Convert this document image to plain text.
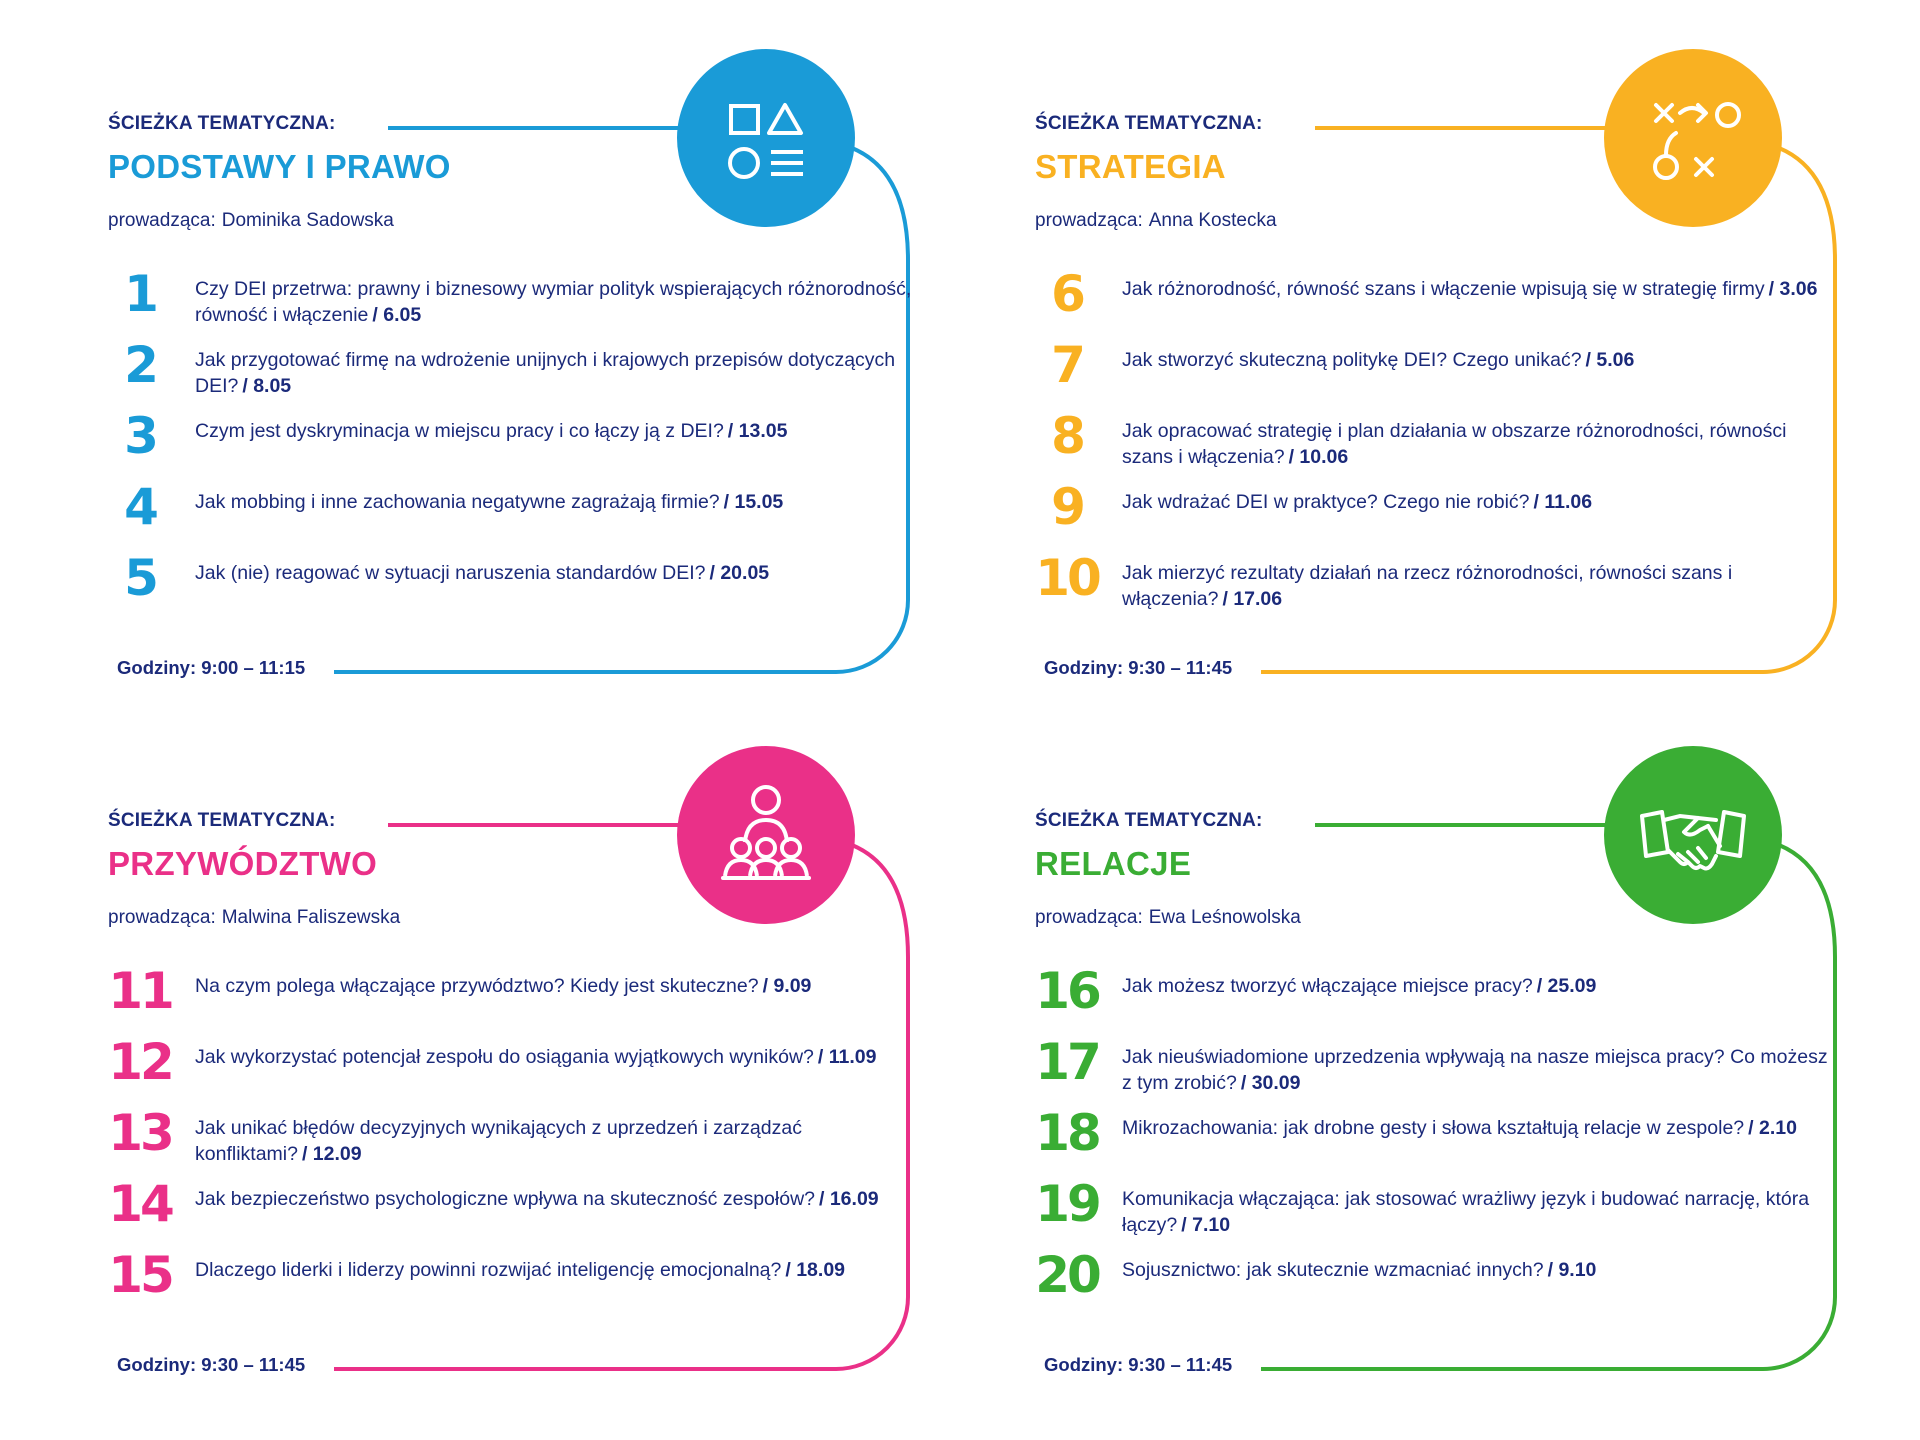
ŚCIEŻKA TEMATYCZNA:
PODSTAWY I PRAWO
prowadząca: Dominika Sadowska
1	Czy DEI przetrwa: prawny i biznesowy wymiar polityk wspierających różnorodność, równość i włączenie / 6.05
2	Jak przygotować firmę na wdrożenie unijnych i krajowych przepisów dotyczących DEI? / 8.05
3	Czym jest dyskryminacja w miejscu pracy i co łączy ją z DEI? / 13.05
4	Jak mobbing i inne zachowania negatywne zagrażają firmie? / 15.05
5	Jak (nie) reagować w sytuacji naruszenia standardów DEI? / 20.05
Godziny: 9:00 – 11:15
ŚCIEŻKA TEMATYCZNA:
STRATEGIA
prowadząca: Anna Kostecka
6	Jak różnorodność, równość szans i włączenie wpisują się w strategię firmy / 3.06
7	Jak stworzyć skuteczną politykę DEI? Czego unikać? / 5.06
8	Jak opracować strategię i plan działania w obszarze różnorodności, równości szans i włączenia? / 10.06
9	Jak wdrażać DEI w praktyce? Czego nie robić? / 11.06
10	Jak mierzyć rezultaty działań na rzecz różnorodności, równości szans i włączenia? / 17.06
Godziny: 9:30 – 11:45
ŚCIEŻKA TEMATYCZNA:
PRZYWÓDZTWO
prowadząca: Malwina Faliszewska
11	Na czym polega włączające przywództwo? Kiedy jest skuteczne? / 9.09
12	Jak wykorzystać potencjał zespołu do osiągania wyjątkowych wyników? / 11.09
13	Jak unikać błędów decyzyjnych wynikających z uprzedzeń i zarządzać konfliktami? / 12.09
14	Jak bezpieczeństwo psychologiczne wpływa na skuteczność zespołów? / 16.09
15	Dlaczego liderki i liderzy powinni rozwijać inteligencję emocjonalną? / 18.09
Godziny: 9:30 – 11:45
ŚCIEŻKA TEMATYCZNA:
RELACJE
prowadząca: Ewa Leśnowolska
16	Jak możesz tworzyć włączające miejsce pracy? / 25.09
17	Jak nieuświadomione uprzedzenia wpływają na nasze miejsca pracy? Co możesz z tym zrobić? / 30.09
18	Mikrozachowania: jak drobne gesty i słowa kształtują relacje w zespole? / 2.10
19	Komunikacja włączająca: jak stosować wrażliwy język i budować narrację, która łączy? / 7.10
20	Sojusznictwo: jak skutecznie wzmacniać innych? / 9.10
Godziny: 9:30 – 11:45
